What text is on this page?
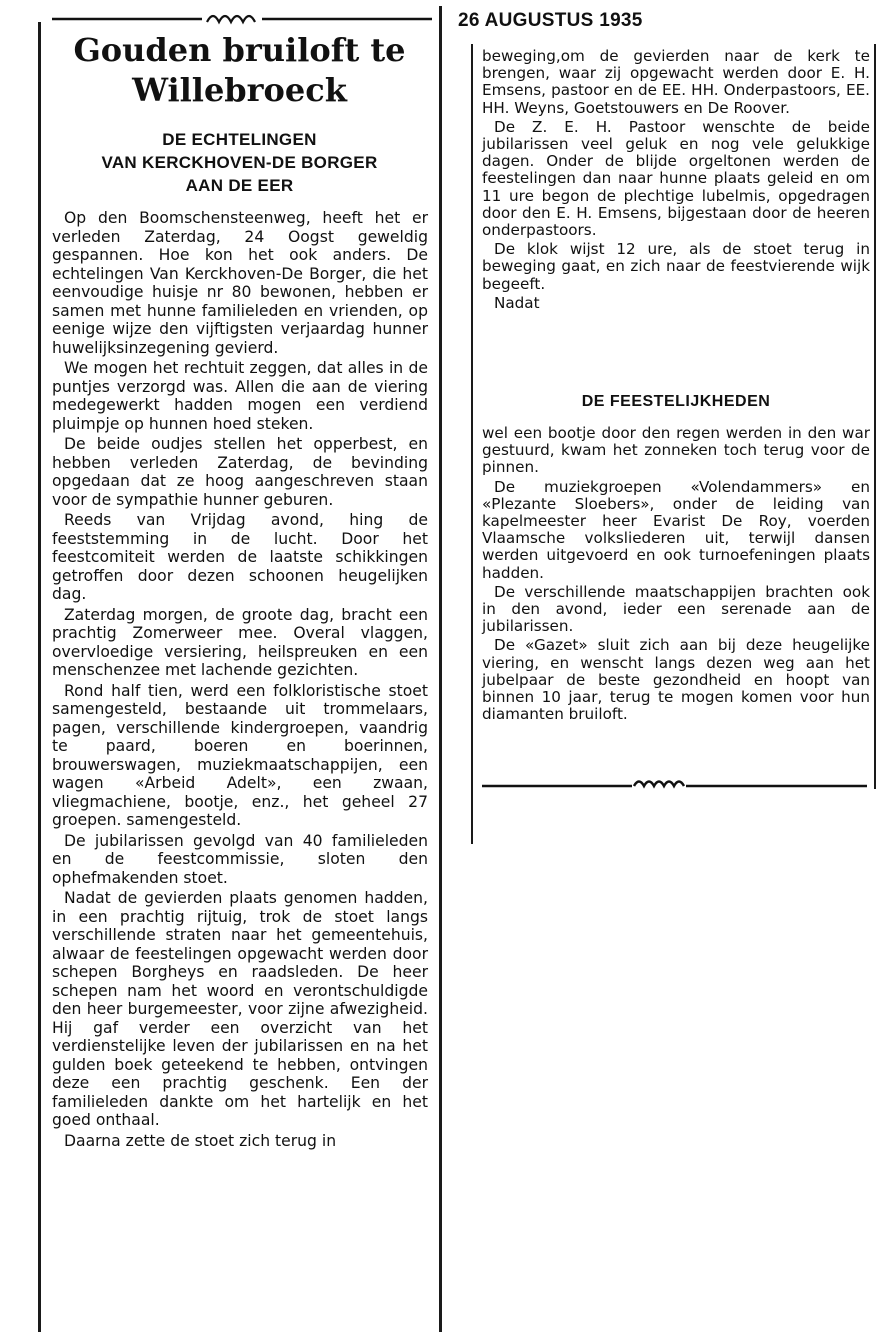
26 AUGUSTUS 1935
Gouden bruiloft te
Willebroeck
DE ECHTELINGEN
VAN KERCKHOVEN-DE BORGER
AAN DE EER

Op den Boomschensteenweg, heeft het er verleden Zaterdag, 24 Oogst geweldig gespannen. Hoe kon het ook anders. De echtelingen Van Kerckhoven-De Borger, die het eenvoudige huisje nr 80 bewonen, hebben er samen met hunne familieleden en vrienden, op eenige wijze den vijftigsten verjaardag hunner huwelijksinzegening gevierd.

We mogen het rechtuit zeggen, dat alles in de puntjes verzorgd was. Allen die aan de viering medegewerkt hadden mogen een verdiend pluimpje op hunnen hoed steken.

De beide oudjes stellen het opperbest, en hebben verleden Zaterdag, de bevinding opgedaan dat ze hoog aangeschreven staan voor de sympathie hunner geburen.

Reeds van Vrijdag avond, hing de feeststemming in de lucht. Door het feestcomiteit werden de laatste schikkingen getroffen door dezen schoonen heugelijken dag.

Zaterdag morgen, de groote dag, bracht een prachtig Zomerweer mee. Overal vlaggen, overvloedige versiering, heilspreuken en een menschenzee met lachende gezichten.

Rond half tien, werd een folkloristische stoet samengesteld, bestaande uit trommelaars, pagen, verschillende kindergroepen, vaandrig te paard, boeren en boerinnen, brouwerswagen, muziekmaatschappijen, een wagen «Arbeid Adelt», een zwaan, vliegmachiene, bootje, enz., het geheel 27 groepen. samengesteld.

De jubilarissen gevolgd van 40 familieleden en de feestcommissie, sloten den ophefmakenden stoet.

Nadat de gevierden plaats genomen hadden, in een prachtig rijtuig, trok de stoet langs verschillende straten naar het gemeentehuis, alwaar de feestelingen opgewacht werden door schepen Borgheys en raadsleden. De heer schepen nam het woord en verontschuldigde den heer burgemeester, voor zijne afwezigheid. Hij gaf verder een overzicht van het verdienstelijke leven der jubilarissen en na het gulden boek geteekend te hebben, ontvingen deze een prachtig geschenk. Een der familieleden dankte om het hartelijk en het goed onthaal.

Daarna zette de stoet zich terug in

beweging,om de gevierden naar de kerk te brengen, waar zij opgewacht werden door E. H. Emsens, pastoor en de EE. HH. Onderpastoors, EE. HH. Weyns, Goetstouwers en De Roover.

De Z. E. H. Pastoor wenschte de beide jubilarissen veel geluk en nog vele gelukkige dagen. Onder de blijde orgeltonen werden de feestelingen dan naar hunne plaats geleid en om 11 ure begon de plechtige lubelmis, opgedragen door den E. H. Emsens, bijgestaan door de heeren onderpastoors.

De klok wijst 12 ure, als de stoet terug in beweging gaat, en zich naar de feestvierende wijk begeeft.

Nadat

DE FEESTELIJKHEDEN

wel een bootje door den regen werden in den war gestuurd, kwam het zonneken toch terug voor de pinnen.

De muziekgroepen «Volendammers» en «Plezante Sloebers», onder de leiding van kapelmeester heer Evarist De Roy, voerden Vlaamsche volksliederen uit, terwijl dansen werden uitgevoerd en ook turnoefeningen plaats hadden.

De verschillende maatschappijen brachten ook in den avond, ieder een serenade aan de jubilarissen.

De «Gazet» sluit zich aan bij deze heugelijke viering, en wenscht langs dezen weg aan het jubelpaar de beste gezondheid en hoopt van binnen 10 jaar, terug te mogen komen voor hun diamanten bruiloft.
